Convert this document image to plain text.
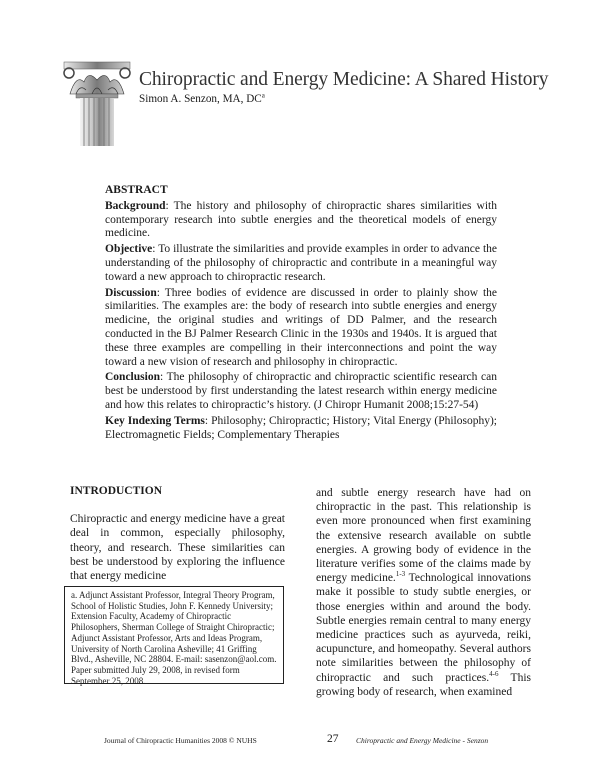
Chiropractic and Energy Medicine: A Shared History
Simon A. Senzon, MA, $DC^a$

ABSTRACT

Background: The history and philosophy of chiropractic shares similarities with contemporary research into subtle energies and the theoretical models of energy medicine.

Objective: To illustrate the similarities and provide examples in order to advance the understanding of the philosophy of chiropractic and contribute in a meaningful way toward a new approach to chiropractic research.

Discussion: Three bodies of evidence are discussed in order to plainly show the similarities. The examples are: the body of research into subtle energies and energy medicine, the original studies and writings of DD Palmer, and the research conducted in the BJ Palmer Research Clinic in the 1930s and 1940s. It is argued that these three examples are compelling in their interconnections and point the way toward a new vision of research and philosophy in chiropractic.

Conclusion: The philosophy of chiropractic and chiropractic scientific research can best be understood by first understanding the latest research within energy medicine and how this relates to chiropractic’s history. (J Chiropr Humanit 2008;15:27-54)

Key Indexing Terms: Philosophy; Chiropractic; History; Vital Energy (Philosophy); Electromagnetic Fields; Complementary Therapies

INTRODUCTION

Chiropractic and energy medicine have a great deal in common, especially philosophy, theory, and research. These similarities can best be understood by exploring the influence that energy medicine

a. Adjunct Assistant Professor, Integral Theory Program, School of Holistic Studies, John F. Kennedy University; Extension Faculty, Academy of Chiropractic Philosophers, Sherman College of Straight Chiropractic; Adjunct Assistant Professor, Arts and Ideas Program, University of North Carolina Asheville; 41 Griffing Blvd., Asheville, NC 28804. E-mail: sasenzon@aol.com.

Paper submitted July 29, 2008, in revised form September 25, 2008.

and subtle energy research have had on chiropractic in the past. This relationship is even more pronounced when first examining the extensive research available on subtle energies. A growing body of evidence in the literature verifies some of the claims made by energy medicine.$^{1-3}$ Technological innovations make it possible to study subtle energies, or those energies within and around the body. Subtle energies remain central to many energy medicine practices such as ayurveda, reiki, acupuncture, and homeopathy. Several authors note similarities between the philosophy of chiropractic and such practices.$^{4-6}$ This growing body of research, when examined

Journal of Chiropractic Humanities 2008 © NUHS	27 Chiropractic and Energy Medicine - Senzon
